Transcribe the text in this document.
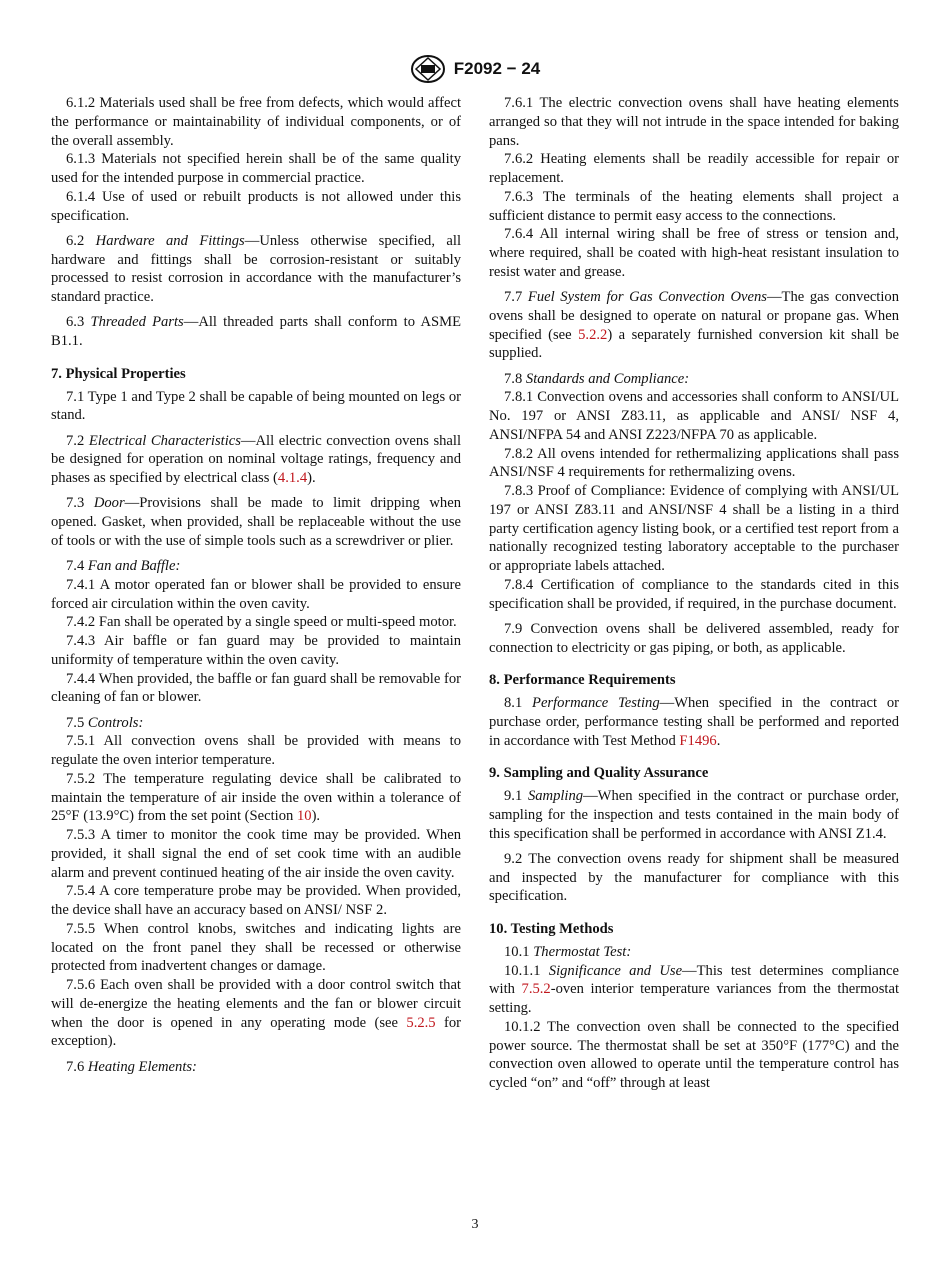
F2092 − 24

6.1.2 Materials used shall be free from defects, which would affect the performance or maintainability of individual components, or of the overall assembly.

6.1.3 Materials not specified herein shall be of the same quality used for the intended purpose in commercial practice.

6.1.4 Use of used or rebuilt products is not allowed under this specification.

6.2 Hardware and Fittings—Unless otherwise specified, all hardware and fittings shall be corrosion-resistant or suitably processed to resist corrosion in accordance with the manufacturer’s standard practice.

6.3 Threaded Parts—All threaded parts shall conform to ASME B1.1.

7. Physical Properties

7.1 Type 1 and Type 2 shall be capable of being mounted on legs or stand.

7.2 Electrical Characteristics—All electric convection ovens shall be designed for operation on nominal voltage ratings, frequency and phases as specified by electrical class (4.1.4).

7.3 Door—Provisions shall be made to limit dripping when opened. Gasket, when provided, shall be replaceable without the use of tools or with the use of simple tools such as a screwdriver or plier.

7.4 Fan and Baffle:

7.4.1 A motor operated fan or blower shall be provided to ensure forced air circulation within the oven cavity.

7.4.2 Fan shall be operated by a single speed or multi-speed motor.

7.4.3 Air baffle or fan guard may be provided to maintain uniformity of temperature within the oven cavity.

7.4.4 When provided, the baffle or fan guard shall be removable for cleaning of fan or blower.

7.5 Controls:

7.5.1 All convection ovens shall be provided with means to regulate the oven interior temperature.

7.5.2 The temperature regulating device shall be calibrated to maintain the temperature of air inside the oven within a tolerance of 25°F (13.9°C) from the set point (Section 10).

7.5.3 A timer to monitor the cook time may be provided. When provided, it shall signal the end of set cook time with an audible alarm and prevent continued heating of the air inside the oven cavity.

7.5.4 A core temperature probe may be provided. When provided, the device shall have an accuracy based on ANSI/ NSF 2.

7.5.5 When control knobs, switches and indicating lights are located on the front panel they shall be recessed or otherwise protected from inadvertent changes or damage.

7.5.6 Each oven shall be provided with a door control switch that will de-energize the heating elements and the fan or blower circuit when the door is opened in any operating mode (see 5.2.5 for exception).

7.6 Heating Elements:

7.6.1 The electric convection ovens shall have heating elements arranged so that they will not intrude in the space intended for baking pans.

7.6.2 Heating elements shall be readily accessible for repair or replacement.

7.6.3 The terminals of the heating elements shall project a sufficient distance to permit easy access to the connections.

7.6.4 All internal wiring shall be free of stress or tension and, where required, shall be coated with high-heat resistant insulation to resist water and grease.

7.7 Fuel System for Gas Convection Ovens—The gas convection ovens shall be designed to operate on natural or propane gas. When specified (see 5.2.2) a separately furnished conversion kit shall be supplied.

7.8 Standards and Compliance:

7.8.1 Convection ovens and accessories shall conform to ANSI/UL No. 197 or ANSI Z83.11, as applicable and ANSI/ NSF 4, ANSI/NFPA 54 and ANSI Z223/NFPA 70 as applicable.

7.8.2 All ovens intended for rethermalizing applications shall pass ANSI/NSF 4 requirements for rethermalizing ovens.

7.8.3 Proof of Compliance: Evidence of complying with ANSI/UL 197 or ANSI Z83.11 and ANSI/NSF 4 shall be a listing in a third party certification agency listing book, or a certified test report from a nationally recognized testing laboratory acceptable to the purchaser or appropriate labels attached.

7.8.4 Certification of compliance to the standards cited in this specification shall be provided, if required, in the purchase document.

7.9 Convection ovens shall be delivered assembled, ready for connection to electricity or gas piping, or both, as applicable.

8. Performance Requirements

8.1 Performance Testing—When specified in the contract or purchase order, performance testing shall be performed and reported in accordance with Test Method F1496.

9. Sampling and Quality Assurance

9.1 Sampling—When specified in the contract or purchase order, sampling for the inspection and tests contained in the main body of this specification shall be performed in accordance with ANSI Z1.4.

9.2 The convection ovens ready for shipment shall be measured and inspected by the manufacturer for compliance with this specification.

10. Testing Methods

10.1 Thermostat Test:

10.1.1 Significance and Use—This test determines compliance with 7.5.2-oven interior temperature variances from the thermostat setting.

10.1.2 The convection oven shall be connected to the specified power source. The thermostat shall be set at 350°F (177°C) and the convection oven allowed to operate until the temperature control has cycled “on” and “off” through at least

3
